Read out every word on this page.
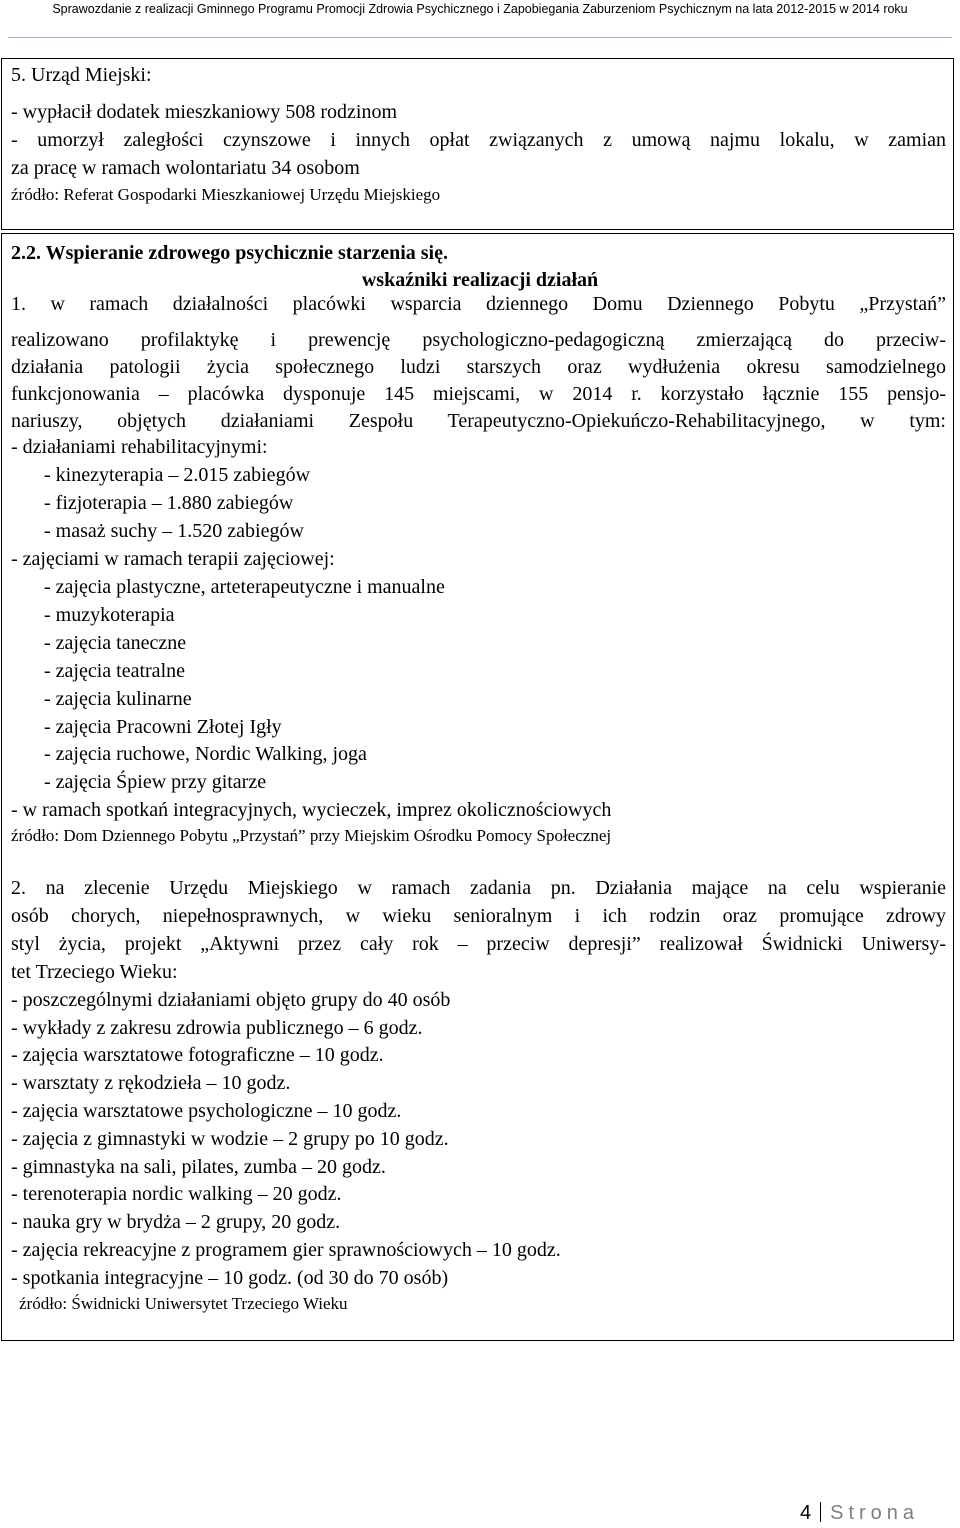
Sprawozdanie z realizacji Gminnego Programu Promocji Zdrowia Psychicznego i Zapobiegania Zaburzeniom Psychicznym na lata 2012-2015 w 2014 roku
5. Urząd Miejski:
- wypłacił dodatek mieszkaniowy 508 rodzinom
- umorzył zaległości czynszowe i innych opłat związanych z umową najmu lokalu, w zamian
za pracę w ramach wolontariatu 34 osobom
źródło: Referat Gospodarki Mieszkaniowej Urzędu Miejskiego
2.2. Wspieranie zdrowego psychicznie starzenia się.
wskaźniki realizacji działań
1. w ramach działalności placówki wsparcia dziennego Domu Dziennego Pobytu „Przystań”
realizowano profilaktykę i prewencję psychologiczno-pedagogiczną zmierzającą do przeciw-
działania patologii życia społecznego ludzi starszych oraz wydłużenia okresu samodzielnego
funkcjonowania – placówka dysponuje 145 miejscami, w 2014 r. korzystało łącznie 155 pensjo-
nariuszy, objętych działaniami Zespołu Terapeutyczno-Opiekuńczo-Rehabilitacyjnego, w tym:
- działaniami rehabilitacyjnymi:
- kinezyterapia – 2.015 zabiegów
- fizjoterapia – 1.880 zabiegów
- masaż suchy – 1.520 zabiegów
- zajęciami w ramach terapii zajęciowej:
- zajęcia plastyczne, arteterapeutyczne i manualne
- muzykoterapia
- zajęcia taneczne
- zajęcia teatralne
- zajęcia kulinarne
- zajęcia Pracowni Złotej Igły
- zajęcia ruchowe, Nordic Walking, joga
- zajęcia Śpiew przy gitarze
- w ramach spotkań integracyjnych, wycieczek, imprez okolicznościowych
źródło: Dom Dziennego Pobytu „Przystań” przy Miejskim Ośrodku Pomocy Społecznej
2. na zlecenie Urzędu Miejskiego w ramach zadania pn. Działania mające na celu wspieranie
osób chorych, niepełnosprawnych, w wieku senioralnym i ich rodzin oraz promujące zdrowy
styl życia, projekt „Aktywni przez cały rok – przeciw depresji” realizował Świdnicki Uniwersy-
tet Trzeciego Wieku:
- poszczególnymi działaniami objęto grupy do 40 osób
- wykłady z zakresu zdrowia publicznego – 6 godz.
- zajęcia warsztatowe fotograficzne – 10 godz.
- warsztaty z rękodzieła – 10 godz.
- zajęcia warsztatowe psychologiczne – 10 godz.
- zajęcia z gimnastyki w wodzie – 2 grupy po 10 godz.
- gimnastyka na sali, pilates, zumba – 20 godz.
- terenoterapia nordic walking – 20 godz.
- nauka gry w brydża – 2 grupy, 20 godz.
- zajęcia rekreacyjne z programem gier sprawnościowych – 10 godz.
- spotkania integracyjne – 10 godz. (od 30 do 70 osób)
źródło: Świdnicki Uniwersytet Trzeciego Wieku
4 Strona
